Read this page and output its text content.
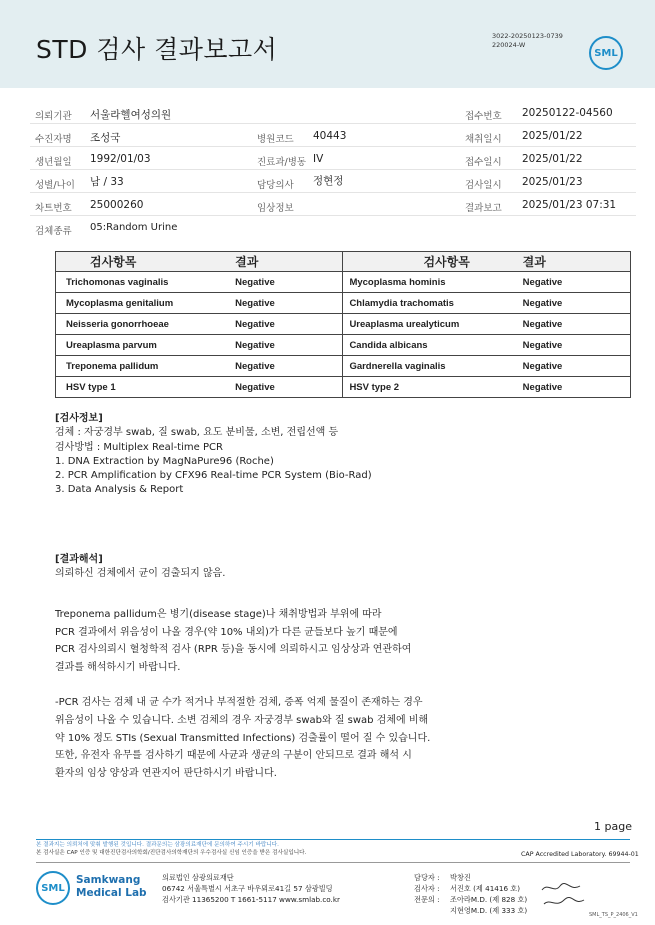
STD 검사 결과보고서	3022-20250123-0739
220024-W
SML
의뢰기관 서울라헬여성의원	접수번호 20250122-04560
수진자명 조성국	병원코드 40443	채취일시 2025/01/22
생년월일 1992/01/03	진료과/병동 IV	접수일시 2025/01/22
성별/나이 남 / 33	담당의사 정현정	검사일시 2025/01/23
차트번호 25000260	임상정보	결과보고 2025/01/23 07:31
검체종류 05:Random Urine
검사항목	결과	검사항목	결과
Trichomonas vaginalis	Negative	Mycoplasma hominis	Negative
Mycoplasma genitalium	Negative	Chlamydia trachomatis	Negative
Neisseria gonorrhoeae	Negative	Ureaplasma urealyticum	Negative
Ureaplasma parvum	Negative	Candida albicans	Negative
Treponema pallidum	Negative	Gardnerella vaginalis	Negative
HSV type 1	Negative	HSV type 2	Negative

[검사정보]

검체 : 자궁경부 swab, 질 swab, 요도 분비물, 소변, 전립선액 등

검사방법 : Multiplex Real-time PCR

1. DNA Extraction by MagNaPure96 (Roche)

2. PCR Amplification by CFX96 Real-time PCR System (Bio-Rad)

3. Data Analysis & Report

[결과해석]

의뢰하신 검체에서 균이 검출되지 않음.

Treponema pallidum은 병기(disease stage)나 채취방법과 부위에 따라

PCR 결과에서 위음성이 나올 경우(약 10% 내외)가 다른 균들보다 높기 때문에

PCR 검사의뢰시 혈청학적 검사 (RPR 등)을 동시에 의뢰하시고 임상상과 연관하여

결과를 해석하시기 바랍니다.

-PCR 검사는 검체 내 균 수가 적거나 부적절한 검체, 증폭 억제 물질이 존재하는 경우

위음성이 나올 수 있습니다. 소변 검체의 경우 자궁경부 swab와 질 swab 검체에 비해

약 10% 정도 STIs (Sexual Transmitted Infections) 검출률이 떨어 질 수 있습니다.

또한, 유전자 유무를 검사하기 때문에 사균과 생균의 구분이 안되므로 결과 해석 시

환자의 임상 양상과 연관지어 판단하시기 바랍니다.

1 page
본 결과지는 의뢰처에 맞춰 발행된 것입니다. 결과문의는 삼광의료재단에 문의하여 주시기 바랍니다.
본 검사실은 CAP 인증 및 대한진단검사의학회/진단검사의학재단의 우수검사실 신임 인증을 받은 검사실입니다.	CAP Accredited Laboratory. 69944-01
SML
Samkwang
Medical Lab
의료법인 삼광의료재단
06742 서울특별시 서초구 바우뫼로41길 57 삼광빌딩
검사기관 11365200 T 1661-5117 www.smlab.co.kr
담당자 : 박창진
검사자 : 서진호 (제 41416 호)
전문의 : 조아라M.D. (제 828 호)
지현영M.D. (제 333 호)	SML_TS_P_2406_V1
